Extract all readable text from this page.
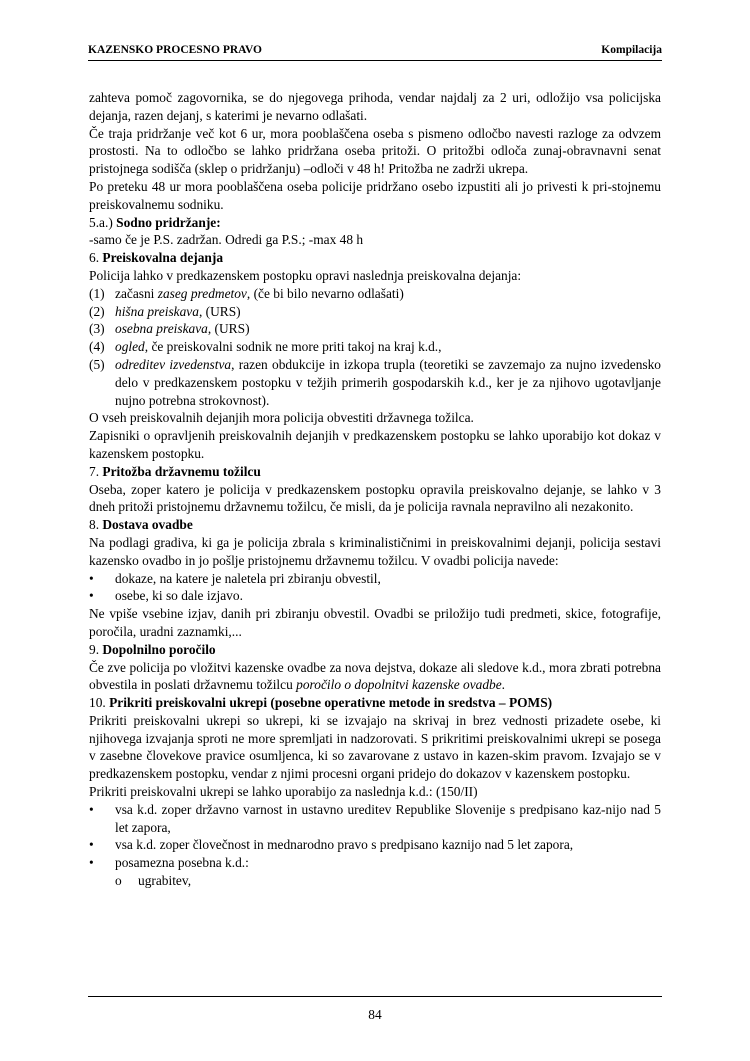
KAZENSKO PROCESNO PRAVO	Kompilacija

zahteva pomoč zagovornika, se do njegovega prihoda, vendar najdalj za 2 uri, odložijo vsa policijska dejanja, razen dejanj, s katerimi je nevarno odlašati.

Če traja pridržanje več kot 6 ur, mora pooblaščena oseba s pismeno odločbo navesti razloge za odvzem prostosti. Na to odločbo se lahko pridržana oseba pritoži. O pritožbi odloča zunaj-obravnavni senat pristojnega sodišča (sklep o pridržanju) –odloči v 48 h! Pritožba ne zadrži ukrepa.

Po preteku 48 ur mora pooblaščena oseba policije pridržano osebo izpustiti ali jo privesti k pri-stojnemu preiskovalnemu sodniku.

5.a.) Sodno pridržanje:

-samo če je P.S. zadržan. Odredi ga P.S.; -max 48 h

6. Preiskovalna dejanja

Policija lahko v predkazenskem postopku opravi naslednja preiskovalna dejanja:

(1) začasni zaseg predmetov, (če bi bilo nevarno odlašati)
(2) hišna preiskava, (URS)
(3) osebna preiskava, (URS)
(4) ogled, če preiskovalni sodnik ne more priti takoj na kraj k.d.,
(5) odreditev izvedenstva, razen obdukcije in izkopa trupla (teoretiki se zavzemajo za nujno izvedensko delo v predkazenskem postopku v težjih primerih gospodarskih k.d., ker je za njihovo ugotavljanje nujno potrebna strokovnost).

O vseh preiskovalnih dejanjih mora policija obvestiti državnega tožilca.

Zapisniki o opravljenih preiskovalnih dejanjih v predkazenskem postopku se lahko uporabijo kot dokaz v kazenskem postopku.

7. Pritožba državnemu tožilcu

Oseba, zoper katero je policija v predkazenskem postopku opravila preiskovalno dejanje, se lahko v 3 dneh pritoži pristojnemu državnemu tožilcu, če misli, da je policija ravnala nepravilno ali nezakonito.

8. Dostava ovadbe

Na podlagi gradiva, ki ga je policija zbrala s kriminalističnimi in preiskovalnimi dejanji, policija sestavi kazensko ovadbo in jo pošlje pristojnemu državnemu tožilcu. V ovadbi policija navede:

•	dokaze, na katere je naletela pri zbiranju obvestil,
•	osebe, ki so dale izjavo.

Ne vpiše vsebine izjav, danih pri zbiranju obvestil. Ovadbi se priložijo tudi predmeti, skice, fotografije, poročila, uradni zaznamki,...

9. Dopolnilno poročilo

Če zve policija po vložitvi kazenske ovadbe za nova dejstva, dokaze ali sledove k.d., mora zbrati potrebna obvestila in poslati državnemu tožilcu poročilo o dopolnitvi kazenske ovadbe.

10. Prikriti preiskovalni ukrepi (posebne operativne metode in sredstva – POMS)

Prikriti preiskovalni ukrepi so ukrepi, ki se izvajajo na skrivaj in brez vednosti prizadete osebe, ki njihovega izvajanja sproti ne more spremljati in nadzorovati. S prikritimi preiskovalnimi ukrepi se posega v zasebne človekove pravice osumljenca, ki so zavarovane z ustavo in kazen-skim pravom. Izvajajo se v predkazenskem postopku, vendar z njimi procesni organi pridejo do dokazov v kazenskem postopku.

Prikriti preiskovalni ukrepi se lahko uporabijo za naslednja k.d.: (150/II)

•	vsa k.d. zoper državno varnost in ustavno ureditev Republike Slovenije s predpisano kaz-nijo nad 5 let zapora,
•	vsa k.d. zoper človečnost in mednarodno pravo s predpisano kaznijo nad 5 let zapora,
•	posamezna posebna k.d.:
o	ugrabitev,
84
